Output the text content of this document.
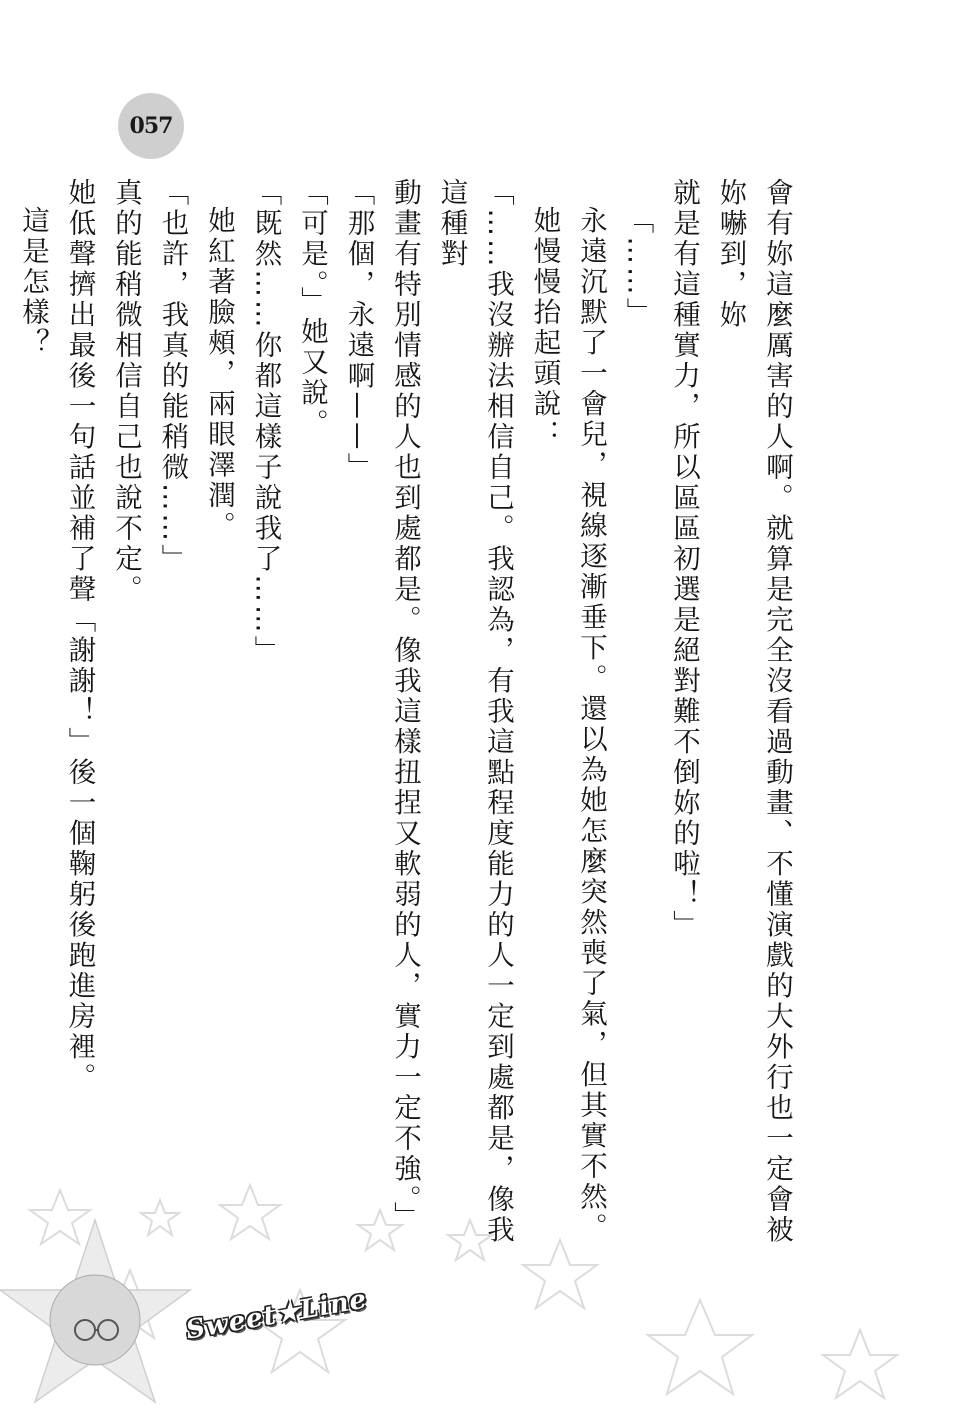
057

會有妳這麼厲害的人啊。就算是完全沒看過動畫、不懂演戲的大外行也一定會被妳嚇到，妳

就是有這種實力，所以區區初選是絕對難不倒妳的啦！」

「……」

永遠沉默了一會兒，視線逐漸垂下。還以為她怎麼突然喪了氣，但其實不然。

她慢慢抬起頭說：

「……我沒辦法相信自己。我認為，有我這點程度能力的人一定到處都是，像我這種對

動畫有特別情感的人也到處都是。像我這樣扭捏又軟弱的人，實力一定不強。」

「那個，永遠啊——」

「可是。」她又說。

「既然……你都這樣子說我了……」

她紅著臉頰，兩眼澤潤。

「也許，我真的能稍微……」

真的能稍微相信自己也說不定。

她低聲擠出最後一句話並補了聲「謝謝！」後一個鞠躬後跑進房裡。

這是怎樣？

Sweet★Line
